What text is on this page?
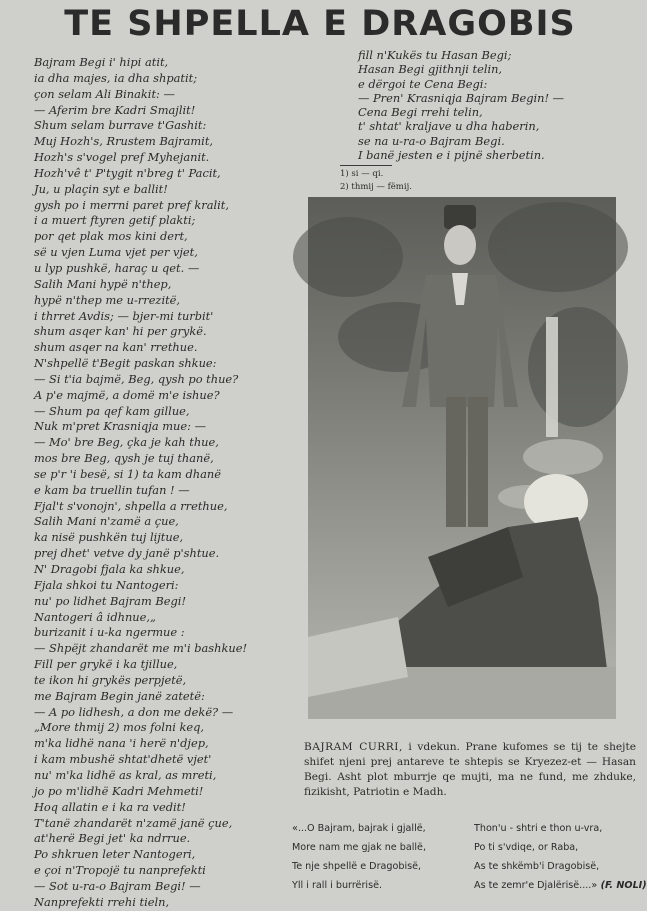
TE SHPELLA E DRAGOBIS
Bajram Begi i' hipi atit,
ia dha majes, ia dha shpatit;
çon selam Ali Binakit: —
— Aferim bre Kadri Smajlit!
Shum selam burrave t'Gashit:
Muj Hozh's, Rrustem Bajramit,
Hozh's s'vogel pref Myhejanit.
Hozh'vê t' P'tygit n'breg t' Pacit,
Ju, u plaçin syt e ballit!
gysh po i merrni paret pref kralit,
i a muert ftyren getif plakti;
por qet plak mos kini dert,
së u vjen Luma vjet per vjet,
u lyp pushkë, haraç u qet. —
Salih Mani hypë n'thep,
hypë n'thep me u-rrezitë,
i thrret Avdis; — bjer-mi turbit'
shum asqer kan' hi per grykë.
shum asqer na kan' rrethue.
N'shpellë t'Begit paskan shkue:
— Si t'ia bajmë, Beg, qysh po thue?
A p'e majmë, a domë m'e ishue?
— Shum pa qef kam gillue,
Nuk m'pret Krasniqja mue: —
— Mo' bre Beg, çka je kah thue,
mos bre Beg, qysh je tuj thanë,
se p'r 'i besë, si 1) ta kam dhanë
e kam ba truellin tufan ! —
Fjal't s'vonojn', shpella a rrethue,
Salih Mani n'zamë a çue,
ka nisë pushkën tuj lijtue,
prej dhet' vetve dy janë p'shtue.
N' Dragobi fjala ka shkue,
Fjala shkoi tu Nantogeri:
nu' po lidhet Bajram Begi!
Nantogeri â idhnue,„
burizanit i u-ka ngermue :
— Shpëjt zhandarët me m'i bashkue!
Fill per grykë i ka tjillue,
te ikon hi grykës perpjetë,
me Bajram Begin janë zatetë:
— A po lidhesh, a don me dekë? —
„More thmij 2) mos folni keq,
m'ka lidhë nana 'i herë n'djep,
i kam mbushë shtat'dhetë vjet'
nu' m'ka lidhë as kral, as mreti,
jo po m'lidhë Kadri Mehmeti!
Hoq allatin e i ka ra vedit!
T'tanë zhandarët n'zamë janë çue,
at'herë Begi jet' ka ndrrue.
Po shkruen leter Nantogeri,
e çoi n'Tropojë tu nanprefekti
— Sot u-ra-o Bajram Begi! —
Nanprefekti rrehi tieln,
fill n'Kukës tu Hasan Begi;
Hasan Begi gjithnji telin,
e dërgoi te Cena Begi:
— Pren' Krasniqja Bajram Begin! —
Cena Begi rrehi telin,
t' shtat' kraljave u dha haberin,
se na u-ra-o Bajram Begi.
I banë jesten e i pijnë sherbetin.
1) si — qi.
2) thmij — fëmij.
BAJRAM CURRI, i vdekun. Prane kufomes se tij te shejte shifet njeni prej antareve te shtepis se Kryezez-et — Hasan Begi. Asht plot mburrje qe mujti, ma ne fund, me zhduke, fizikisht, Patriotin e Madh.
«...O Bajram, bajrak i gjallë,
More nam me gjak ne ballë,
Te nje shpellë e Dragobisë,
Yll i rall i burrërisë.
Thon'u - shtri e thon u-vra,
Po ti s'vdiqe, or Raba,
As te shkëmb'i Dragobisë,
As te zemr'e Djalërisë....» (F. NOLI)
